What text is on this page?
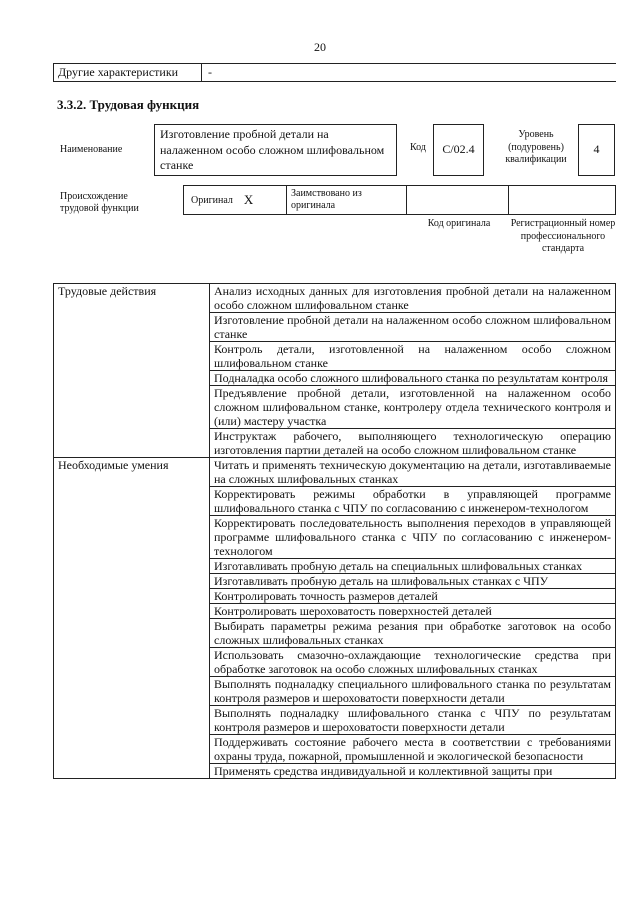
20
Другие характеристики	-
3.3.2. Трудовая функция
Наименование
Изготовление пробной детали на налаженном особо сложном шлифовальном станке
Код	C/02.4
Уровень (подуровень) квалификации
4
Происхождение трудовой функции
Оригинал X	Заимствовано из оригинала
Код оригинала	Регистрационный номер профессионального стандарта
Трудовые действия	Анализ исходных данных для изготовления пробной детали на налаженном особо сложном шлифовальном станке
	Изготовление пробной детали на налаженном особо сложном шлифовальном станке
	Контроль детали, изготовленной на налаженном особо сложном шлифовальном станке
	Подналадка особо сложного шлифовального станка по результатам контроля
	Предъявление пробной детали, изготовленной на налаженном особо сложном шлифовальном станке, контролеру отдела технического контроля и (или) мастеру участка
	Инструктаж рабочего, выполняющего технологическую операцию изготовления партии деталей на особо сложном шлифовальном станке
Необходимые умения	Читать и применять техническую документацию на детали, изготавливаемые на сложных шлифовальных станках
	Корректировать режимы обработки в управляющей программе шлифовального станка с ЧПУ по согласованию с инженером-технологом
	Корректировать последовательность выполнения переходов в управляющей программе шлифовального станка с ЧПУ по согласованию с инженером-технологом
	Изготавливать пробную деталь на специальных шлифовальных станках
	Изготавливать пробную деталь на шлифовальных станках с ЧПУ
	Контролировать точность размеров деталей
	Контролировать шероховатость поверхностей деталей
	Выбирать параметры режима резания при обработке заготовок на особо сложных шлифовальных станках
	Использовать смазочно-охлаждающие технологические средства при обработке заготовок на особо сложных шлифовальных станках
	Выполнять подналадку специального шлифовального станка по результатам контроля размеров и шероховатости поверхности детали
	Выполнять подналадку шлифовального станка с ЧПУ по результатам контроля размеров и шероховатости поверхности детали
	Поддерживать состояние рабочего места в соответствии с требованиями охраны труда, пожарной, промышленной и экологической безопасности
	Применять средства индивидуальной и коллективной защиты при
